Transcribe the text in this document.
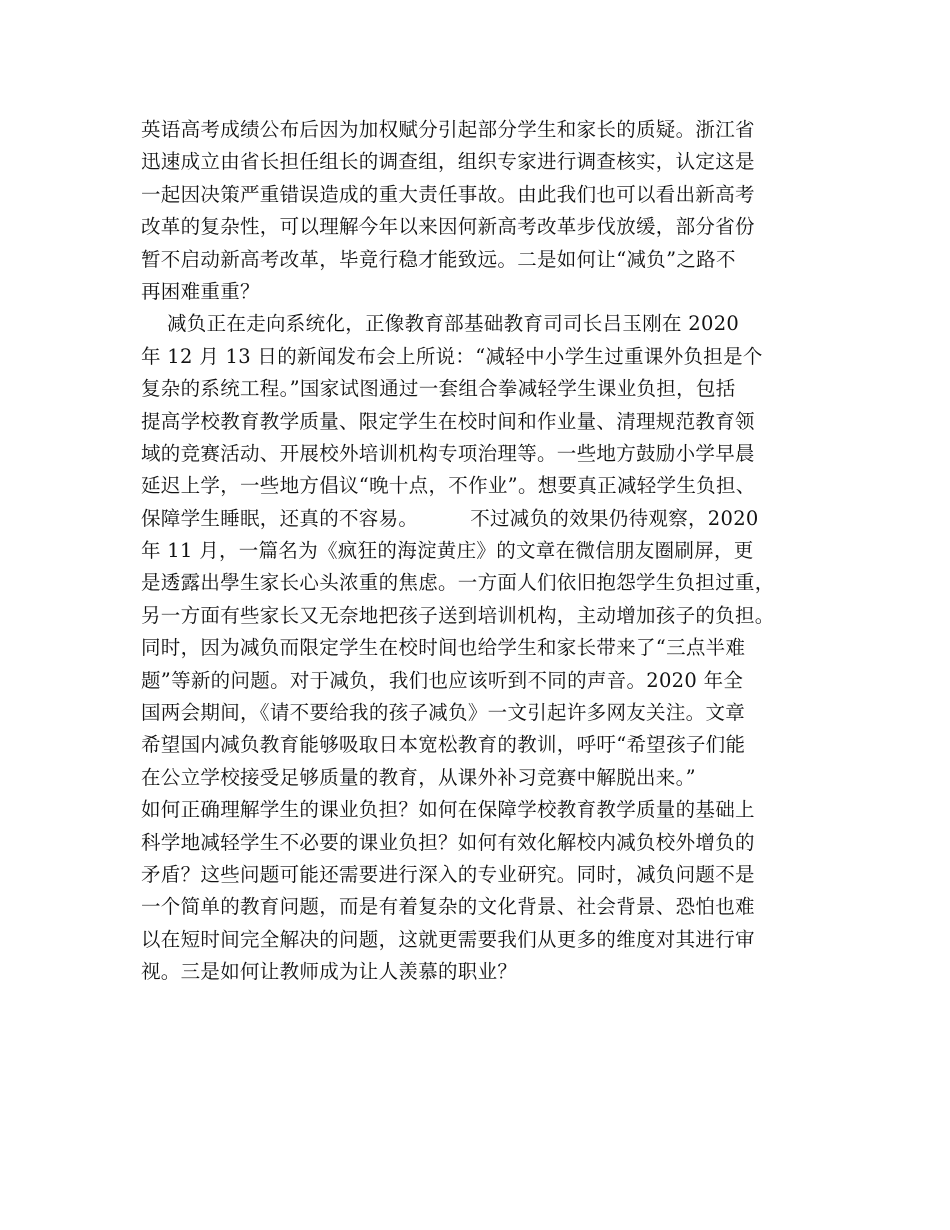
英语高考成绩公布后因为加权赋分引起部分学生和家长的质疑。浙江省
迅速成立由省长担任组长的调查组，组织专家进行调查核实，认定这是
一起因决策严重错误造成的重大责任事故。由此我们也可以看出新高考
改革的复杂性，可以理解今年以来因何新高考改革步伐放缓，部分省份
暂不启动新高考改革，毕竟行稳才能致远。二是如何让“减负”之路不
再困难重重？
减负正在走向系统化，正像教育部基础教育司司长吕玉刚在 2020
年 12 月 13 日的新闻发布会上所说：“减轻中小学生过重课外负担是个
复杂的系统工程。”国家试图通过一套组合拳减轻学生课业负担，包括
提高学校教育教学质量、限定学生在校时间和作业量、清理规范教育领
域的竞赛活动、开展校外培训机构专项治理等。一些地方鼓励小学早晨
延迟上学，一些地方倡议“晚十点，不作业”。想要真正减轻学生负担、
保障学生睡眠，还真的不容易。        不过减负的效果仍待观察，2020
年 11 月，一篇名为《疯狂的海淀黄庄》的文章在微信朋友圈刷屏，更
是透露出學生家长心头浓重的焦虑。一方面人们依旧抱怨学生负担过重，
另一方面有些家长又无奈地把孩子送到培训机构，主动增加孩子的负担。
同时，因为减负而限定学生在校时间也给学生和家长带来了“三点半难
题”等新的问题。对于减负，我们也应该听到不同的声音。2020 年全
国两会期间，《请不要给我的孩子减负》一文引起许多网友关注。文章
希望国内减负教育能够吸取日本宽松教育的教训，呼吁“希望孩子们能
在公立学校接受足够质量的教育，从课外补习竞赛中解脱出来。”
如何正确理解学生的课业负担？如何在保障学校教育教学质量的基础上
科学地减轻学生不必要的课业负担？如何有效化解校内减负校外增负的
矛盾？这些问题可能还需要进行深入的专业研究。同时，减负问题不是
一个简单的教育问题，而是有着复杂的文化背景、社会背景、恐怕也难
以在短时间完全解决的问题，这就更需要我们从更多的维度对其进行审
视。三是如何让教师成为让人羡慕的职业？
